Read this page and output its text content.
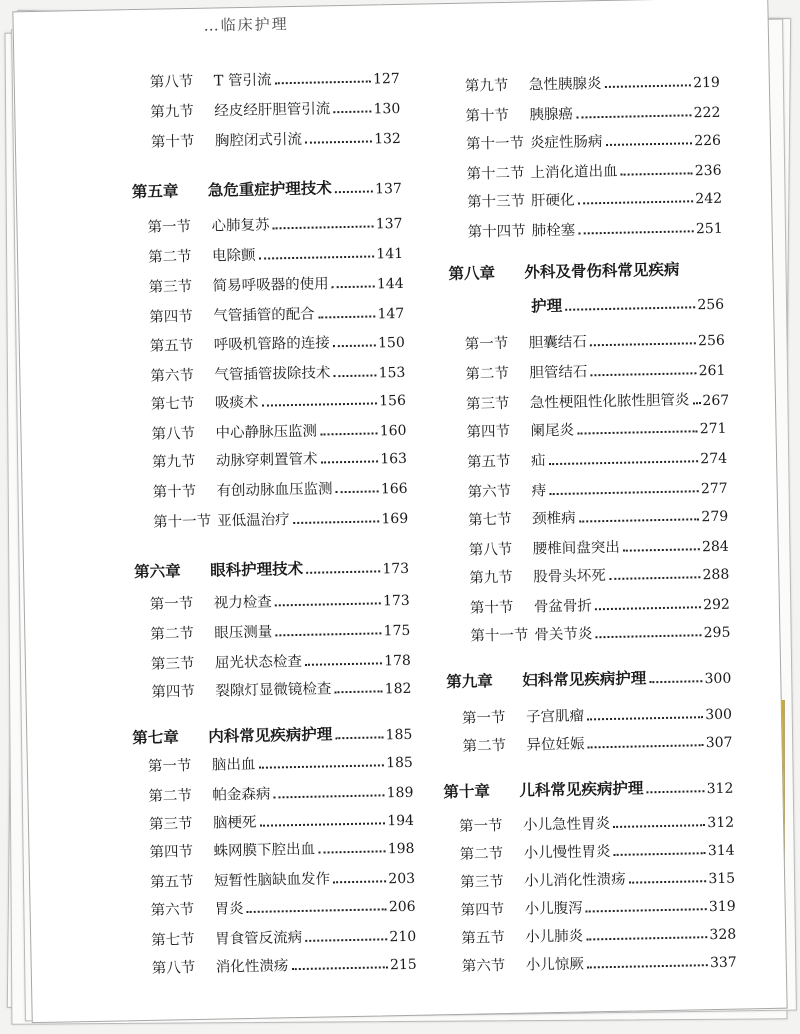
…临床护理
第八节	T 管引流	127
第九节	经皮经肝胆管引流	130
第十节	胸腔闭式引流	132
第五章	急危重症护理技术	137
第一节	心肺复苏	137
第二节	电除颤	141
第三节	简易呼吸器的使用	144
第四节	气管插管的配合	147
第五节	呼吸机管路的连接	150
第六节	气管插管拔除技术	153
第七节	吸痰术	156
第八节	中心静脉压监测	160
第九节	动脉穿刺置管术	163
第十节	有创动脉血压监测	166
第十一节 亚低温治疗	169
第六章	眼科护理技术	173
第一节	视力检查	173
第二节	眼压测量	175
第三节	屈光状态检查	178
第四节	裂隙灯显微镜检查	182
第七章	内科常见疾病护理	185
第一节	脑出血	185
第二节	帕金森病	189
第三节	脑梗死	194
第四节	蛛网膜下腔出血	198
第五节	短暂性脑缺血发作	203
第六节	胃炎	206
第七节	胃食管反流病	210
第八节	消化性溃疡	215
第九节	急性胰腺炎	219
第十节	胰腺癌	222
第十一节 炎症性肠病	226
第十二节 上消化道出血	236
第十三节 肝硬化	242
第十四节 肺栓塞	251
第八章	外科及骨伤科常见疾病
护理	256
第一节	胆囊结石	256
第二节	胆管结石	261
第三节	急性梗阻性化脓性胆管炎 267
第四节	阑尾炎	271
第五节	疝	274
第六节	痔	277
第七节	颈椎病	279
第八节	腰椎间盘突出	284
第九节	股骨头坏死	288
第十节	骨盆骨折	292
第十一节 骨关节炎	295
第九章	妇科常见疾病护理	300
第一节	子宫肌瘤	300
第二节	异位妊娠	307
第十章	儿科常见疾病护理	312
第一节	小儿急性胃炎	312
第二节	小儿慢性胃炎	314
第三节	小儿消化性溃疡	315
第四节	小儿腹泻	319
第五节	小儿肺炎	328
第六节	小儿惊厥	337
